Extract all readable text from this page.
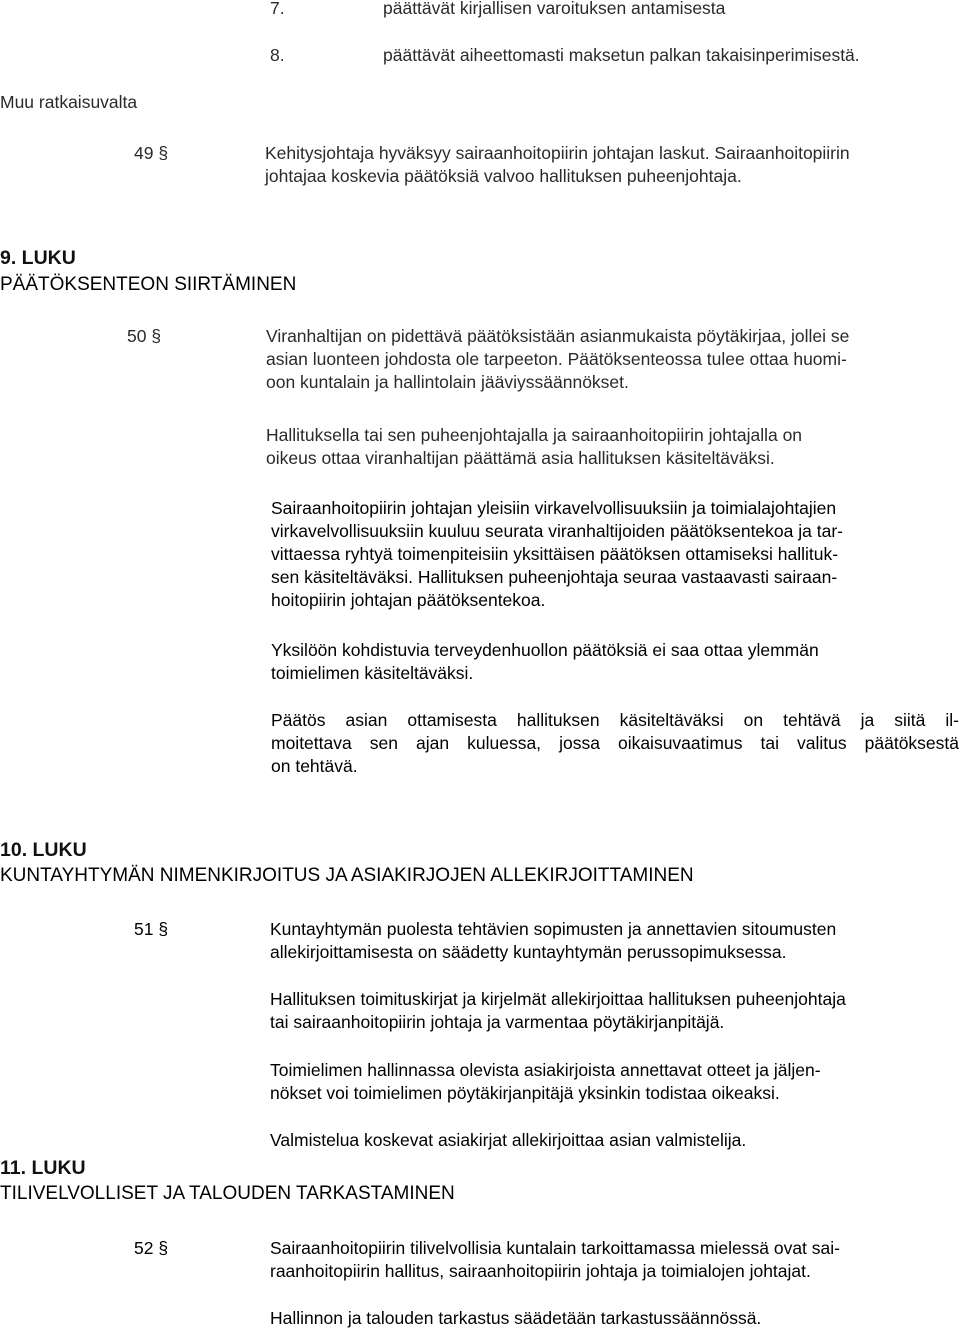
7.	päättävät kirjallisen varoituksen antamisesta
8.	päättävät aiheettomasti maksetun palkan takaisinperimisestä.
Muu ratkaisuvalta
49 §	Kehitysjohtaja hyväksyy sairaanhoitopiirin johtajan laskut. Sairaanhoitopiirin
johtajaa koskevia päätöksiä valvoo hallituksen puheenjohtaja.
9. LUKU
PÄÄTÖKSENTEON SIIRTÄMINEN
50 §	Viranhaltijan on pidettävä päätöksistään asianmukaista pöytäkirjaa, jollei se
asian luonteen johdosta ole tarpeeton. Päätöksenteossa tulee ottaa huomi-
oon kuntalain ja hallintolain jääviyssäännökset.
Hallituksella tai sen puheenjohtajalla ja sairaanhoitopiirin johtajalla on
oikeus ottaa viranhaltijan päättämä asia hallituksen käsiteltäväksi.
Sairaanhoitopiirin johtajan yleisiin virkavelvollisuuksiin ja toimialajohtajien
virkavelvollisuuksiin kuuluu seurata viranhaltijoiden päätöksentekoa ja tar-
vittaessa ryhtyä toimenpiteisiin yksittäisen päätöksen ottamiseksi hallituk-
sen käsiteltäväksi. Hallituksen puheenjohtaja seuraa vastaavasti sairaan-
hoitopiirin johtajan päätöksentekoa.
Yksilöön kohdistuvia terveydenhuollon päätöksiä ei saa ottaa ylemmän
toimielimen käsiteltäväksi.
Päätös asian ottamisesta hallituksen käsiteltäväksi on tehtävä ja siitä il-
moitettava sen ajan kuluessa, jossa oikaisuvaatimus tai valitus päätöksestä
on tehtävä.
10. LUKU
KUNTAYHTYMÄN NIMENKIRJOITUS JA ASIAKIRJOJEN ALLEKIRJOITTAMINEN
51 §	Kuntayhtymän puolesta tehtävien sopimusten ja annettavien sitoumusten
allekirjoittamisesta on säädetty kuntayhtymän perussopimuksessa.
Hallituksen toimituskirjat ja kirjelmät allekirjoittaa hallituksen puheenjohtaja
tai sairaanhoitopiirin johtaja ja varmentaa pöytäkirjanpitäjä.
Toimielimen hallinnassa olevista asiakirjoista annettavat otteet ja jäljen-
nökset voi toimielimen pöytäkirjanpitäjä yksinkin todistaa oikeaksi.
Valmistelua koskevat asiakirjat allekirjoittaa asian valmistelija.
11. LUKU
TILIVELVOLLISET JA TALOUDEN TARKASTAMINEN
52 §	Sairaanhoitopiirin tilivelvollisia kuntalain tarkoittamassa mielessä ovat sai-
raanhoitopiirin hallitus, sairaanhoitopiirin johtaja ja toimialojen johtajat.
Hallinnon ja talouden tarkastus säädetään tarkastussäännössä.
